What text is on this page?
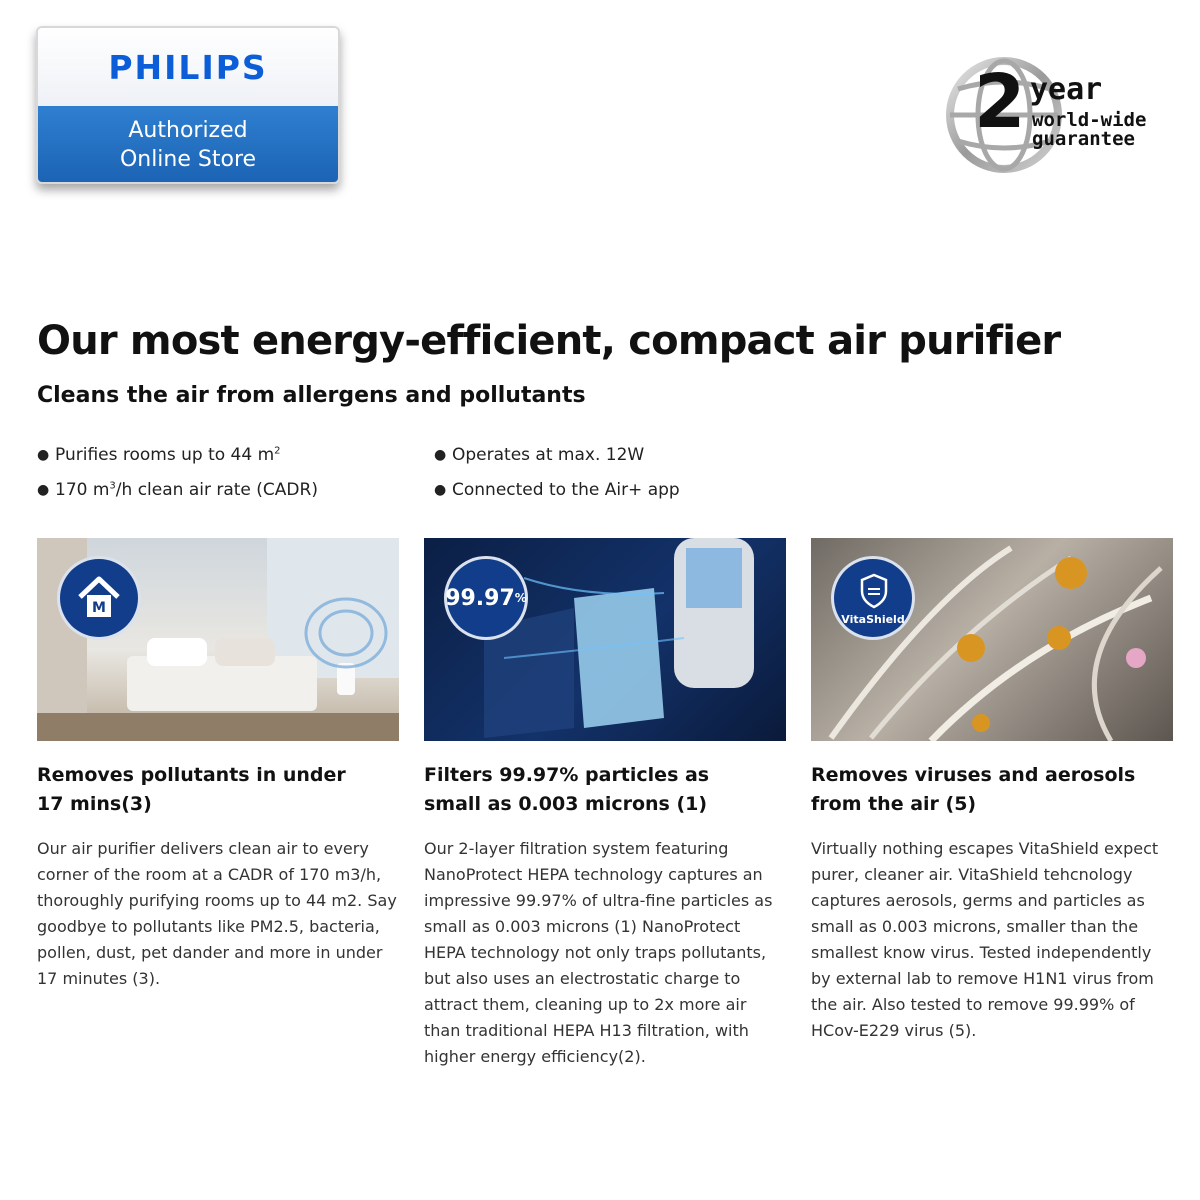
PHILIPS
Authorized
Online Store
2 year
world-wide
guarantee
Our most energy-efficient, compact air purifier
Cleans the air from allergens and pollutants
● Purifies rooms up to 44 $m^2$
● 170 $m^3/h$ clean air rate (CADR)
● Operates at max. 12W
● Connected to the Air+ app
M
Removes pollutants in under 17 mins(3)
Our air purifier delivers clean air to every corner of the room at a CADR of 170 m3/h, thoroughly purifying rooms up to 44 m2. Say goodbye to pollutants like PM2.5, bacteria, pollen, dust, pet dander and more in under 17 minutes (3).
99.97 %
Filters 99.97% particles as small as 0.003 microns (1)
Our 2-layer filtration system featuring NanoProtect HEPA technology captures an impressive 99.97% of ultra-fine particles as small as 0.003 microns (1) NanoProtect HEPA technology not only traps pollutants, but also uses an electrostatic charge to attract them, cleaning up to 2x more air than traditional HEPA H13 filtration, with higher energy efficiency(2).
VitaShield
Removes viruses and aerosols from the air (5)
Virtually nothing escapes VitaShield expect purer, cleaner air. VitaShield tehcnology captures aerosols, germs and particles as small as 0.003 microns, smaller than the smallest know virus. Tested independently by external lab to remove H1N1 virus from the air. Also tested to remove 99.99% of HCov-E229 virus (5).
